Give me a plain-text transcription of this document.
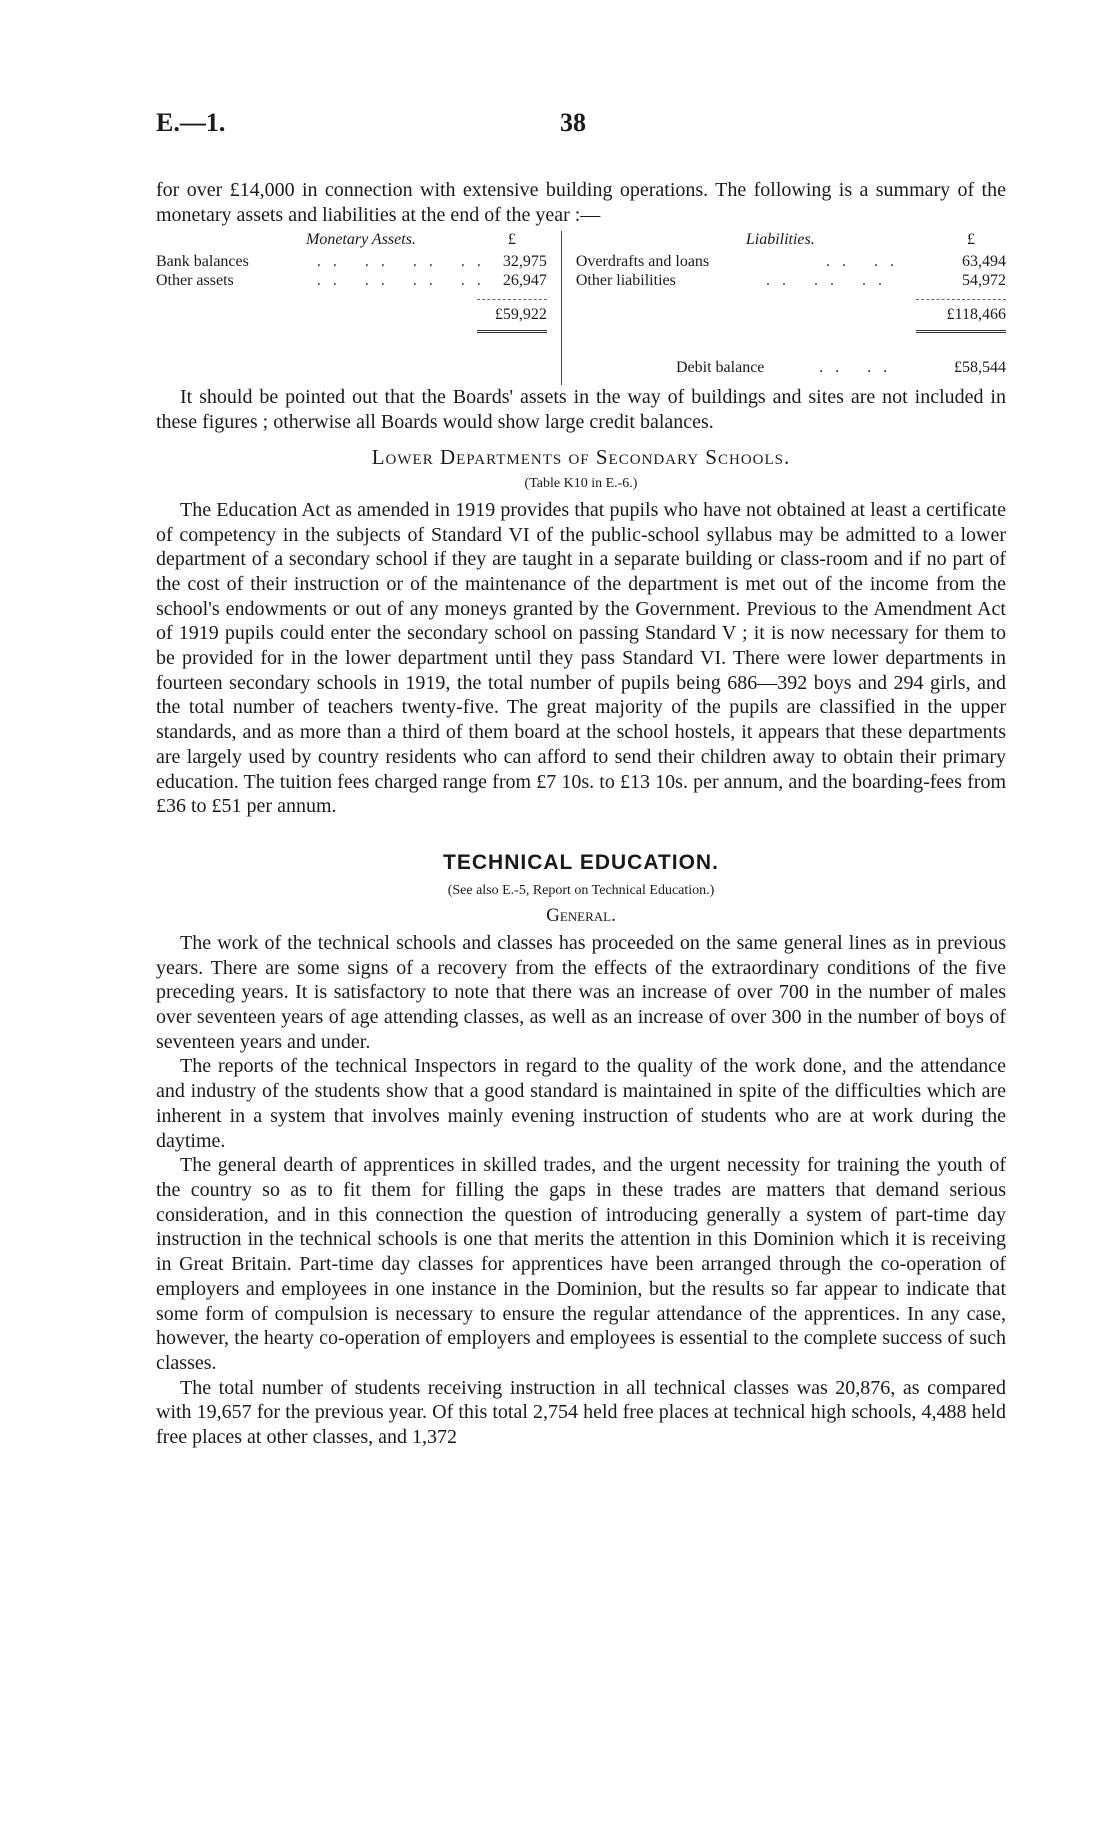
E.—1.	38

for over £14,000 in connection with extensive building operations. The following is a summary of the monetary assets and liabilities at the end of the year :—

Monetary Assets.	£
Bank balances	.. .. .. .. 32,975
Other assets	.. .. .. .. 26,947
£59,922
Liabilities.	£
Overdrafts and loans	.. ..	63,494
Other liabilities	.. .. ..	54,972
£118,466
Debit balance	.. ..	£58,544

It should be pointed out that the Boards' assets in the way of buildings and sites are not included in these figures ; otherwise all Boards would show large credit balances.

Lower Departments of Secondary Schools.
(Table K10 in E.-6.)

The Education Act as amended in 1919 provides that pupils who have not obtained at least a certificate of competency in the subjects of Standard VI of the public-school syllabus may be admitted to a lower department of a secondary school if they are taught in a separate building or class-room and if no part of the cost of their instruction or of the maintenance of the department is met out of the income from the school's endowments or out of any moneys granted by the Government. Previous to the Amendment Act of 1919 pupils could enter the secondary school on passing Standard V ; it is now necessary for them to be provided for in the lower department until they pass Standard VI. There were lower departments in fourteen secondary schools in 1919, the total number of pupils being 686—392 boys and 294 girls, and the total number of teachers twenty-five. The great majority of the pupils are classified in the upper standards, and as more than a third of them board at the school hostels, it appears that these departments are largely used by country residents who can afford to send their children away to obtain their primary education. The tuition fees charged range from £7 10s. to £13 10s. per annum, and the boarding-fees from £36 to £51 per annum.

TECHNICAL EDUCATION.
(See also E.-5, Report on Technical Education.)
General.

The work of the technical schools and classes has proceeded on the same general lines as in previous years. There are some signs of a recovery from the effects of the extraordinary conditions of the five preceding years. It is satisfactory to note that there was an increase of over 700 in the number of males over seventeen years of age attending classes, as well as an increase of over 300 in the number of boys of seventeen years and under.

The reports of the technical Inspectors in regard to the quality of the work done, and the attendance and industry of the students show that a good standard is maintained in spite of the difficulties which are inherent in a system that involves mainly evening instruction of students who are at work during the daytime.

The general dearth of apprentices in skilled trades, and the urgent necessity for training the youth of the country so as to fit them for filling the gaps in these trades are matters that demand serious consideration, and in this connection the question of introducing generally a system of part-time day instruction in the technical schools is one that merits the attention in this Dominion which it is receiving in Great Britain. Part-time day classes for apprentices have been arranged through the co-operation of employers and employees in one instance in the Dominion, but the results so far appear to indicate that some form of compulsion is necessary to ensure the regular attendance of the apprentices. In any case, however, the hearty co-operation of employers and employees is essential to the complete success of such classes.

The total number of students receiving instruction in all technical classes was 20,876, as compared with 19,657 for the previous year. Of this total 2,754 held free places at technical high schools, 4,488 held free places at other classes, and 1,372
